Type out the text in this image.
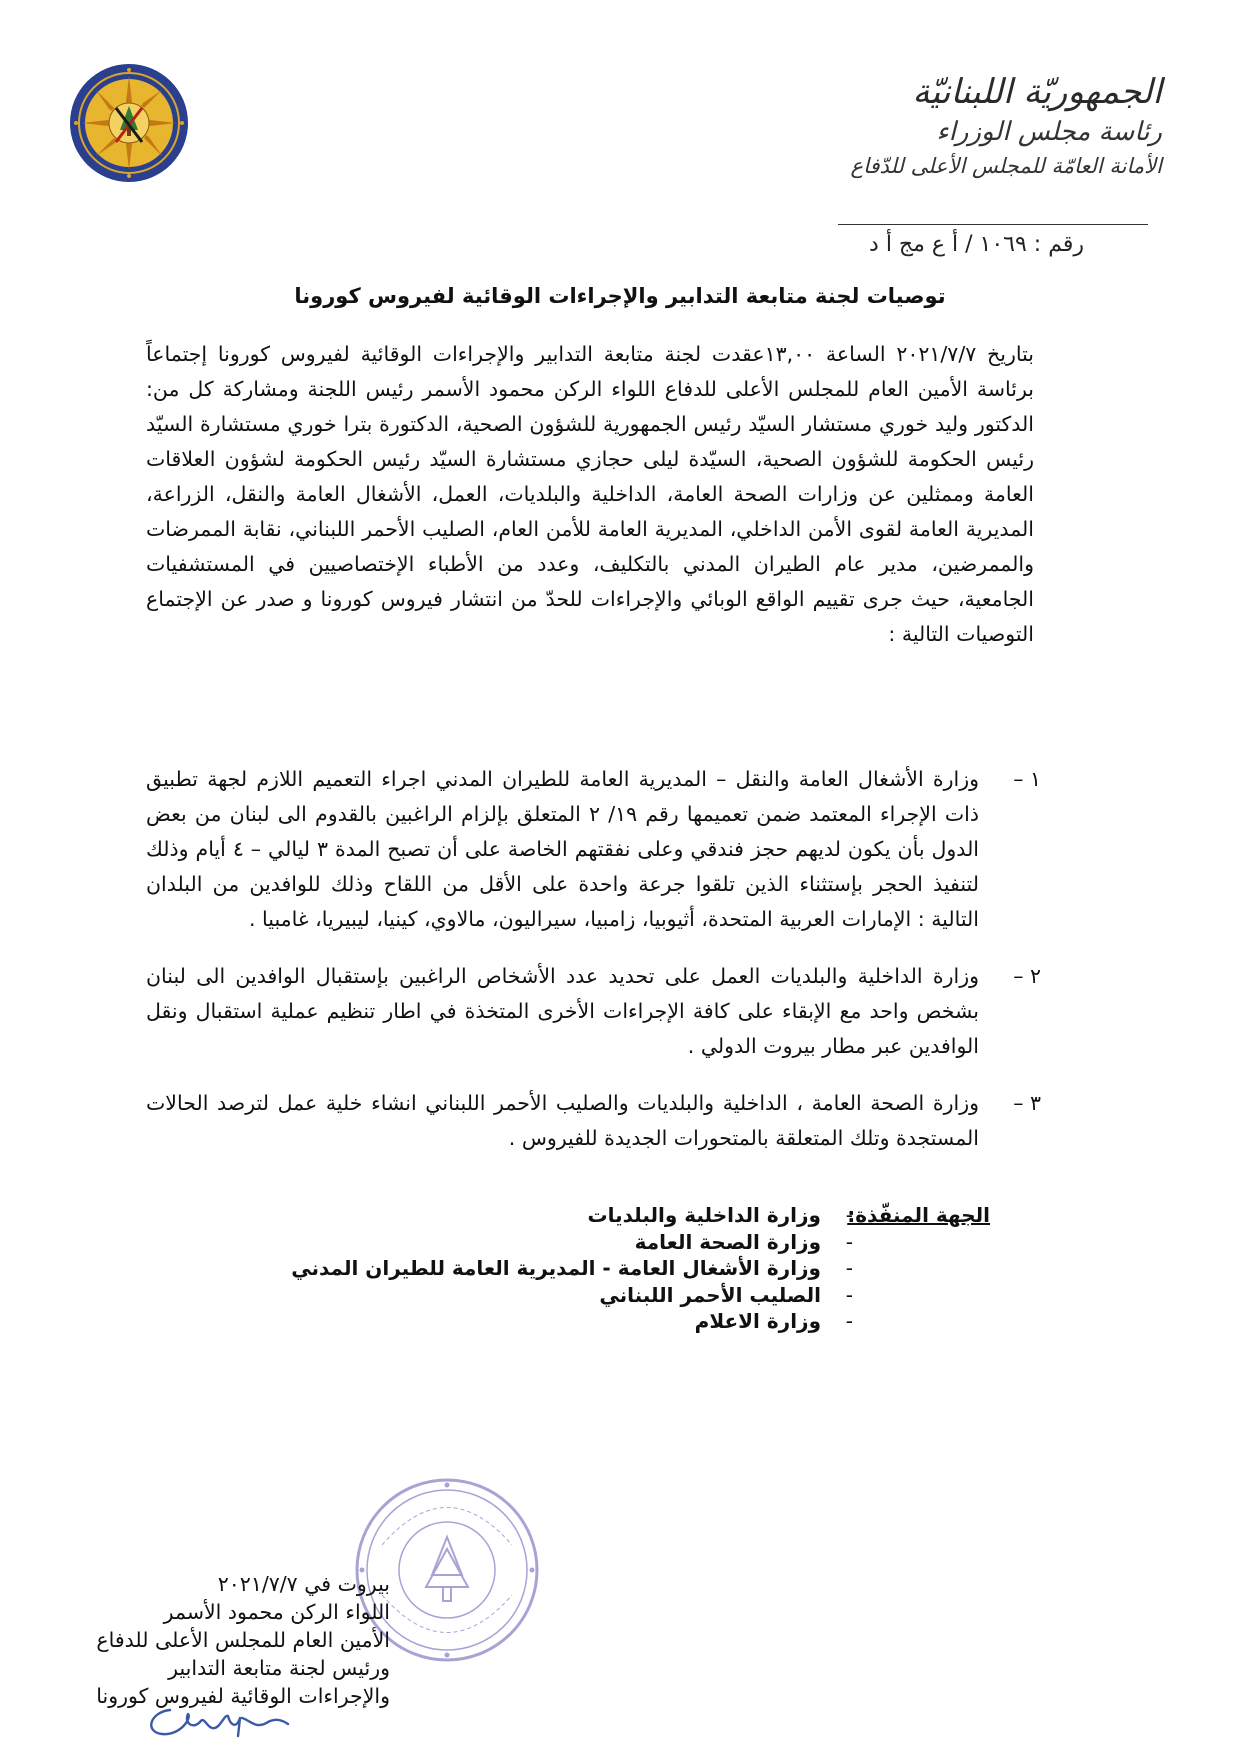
الجمهوريّة اللبنانيّة
رئاسة مجلس الوزراء
الأمانة العامّة للمجلس الأعلى للدّفاع
رقم : ١٠٦٩ / أ ع مج أ د
توصيات لجنة متابعة التدابير والإجراءات الوقائية لفيروس كورونا
بتاريخ ٢٠٢١/٧/٧ الساعة ١٣,٠٠عقدت لجنة متابعة التدابير والإجراءات الوقائية لفيروس كورونا إجتماعاً برئاسة الأمين العام للمجلس الأعلى للدفاع اللواء الركن محمود الأسمر رئيس اللجنة ومشاركة كل من: الدكتور وليد خوري مستشار السيّد رئيس الجمهورية للشؤون الصحية، الدكتورة بترا خوري مستشارة السيّد رئيس الحكومة للشؤون الصحية، السيّدة ليلى حجازي مستشارة السيّد رئيس الحكومة لشؤون العلاقات العامة وممثلين عن وزارات الصحة العامة، الداخلية والبلديات، العمل، الأشغال العامة والنقل، الزراعة، المديرية العامة لقوى الأمن الداخلي، المديرية العامة للأمن العام، الصليب الأحمر اللبناني، نقابة الممرضات والممرضين، مدير عام الطيران المدني بالتكليف، وعدد من الأطباء الإختصاصيين في المستشفيات الجامعية، حيث جرى تقييم الواقع الوبائي والإجراءات للحدّ من انتشار فيروس كورونا و صدر عن الإجتماع التوصيات التالية :
١ –
وزارة الأشغال العامة والنقل – المديرية العامة للطيران المدني اجراء التعميم اللازم لجهة تطبيق ذات الإجراء المعتمد ضمن تعميمها رقم ١٩/ ٢ المتعلق بإلزام الراغبين بالقدوم الى لبنان من بعض الدول بأن يكون لديهم حجز فندقي وعلى نفقتهم الخاصة على أن تصبح المدة ٣ ليالي – ٤ أيام وذلك لتنفيذ الحجر بإستثناء الذين تلقوا جرعة واحدة على الأقل من اللقاح وذلك للوافدين من البلدان التالية : الإمارات العربية المتحدة، أثيوبيا، زامبيا، سيراليون، مالاوي، كينيا، ليبيريا، غامبيا .
٢ –
وزارة الداخلية والبلديات العمل على تحديد عدد الأشخاص الراغبين بإستقبال الوافدين الى لبنان بشخص واحد مع الإبقاء على كافة الإجراءات الأخرى المتخذة في اطار تنظيم عملية استقبال ونقل الوافدين عبر مطار بيروت الدولي .
٣ –
وزارة الصحة العامة ، الداخلية والبلديات والصليب الأحمر اللبناني انشاء خلية عمل لترصد الحالات المستجدة وتلك المتعلقة بالمتحورات الجديدة للفيروس .
الجهة المنفّذة:
- وزارة الداخلية والبلديات
- وزارة الصحة العامة
- وزارة الأشغال العامة - المديرية العامة للطيران المدني
- الصليب الأحمر اللبناني
- وزارة الاعلام
بيروت في ٢٠٢١/٧/٧
اللواء الركن محمود الأسمر
الأمين العام للمجلس الأعلى للدفاع
ورئيس لجنة متابعة التدابير
والإجراءات الوقائية لفيروس كورونا
